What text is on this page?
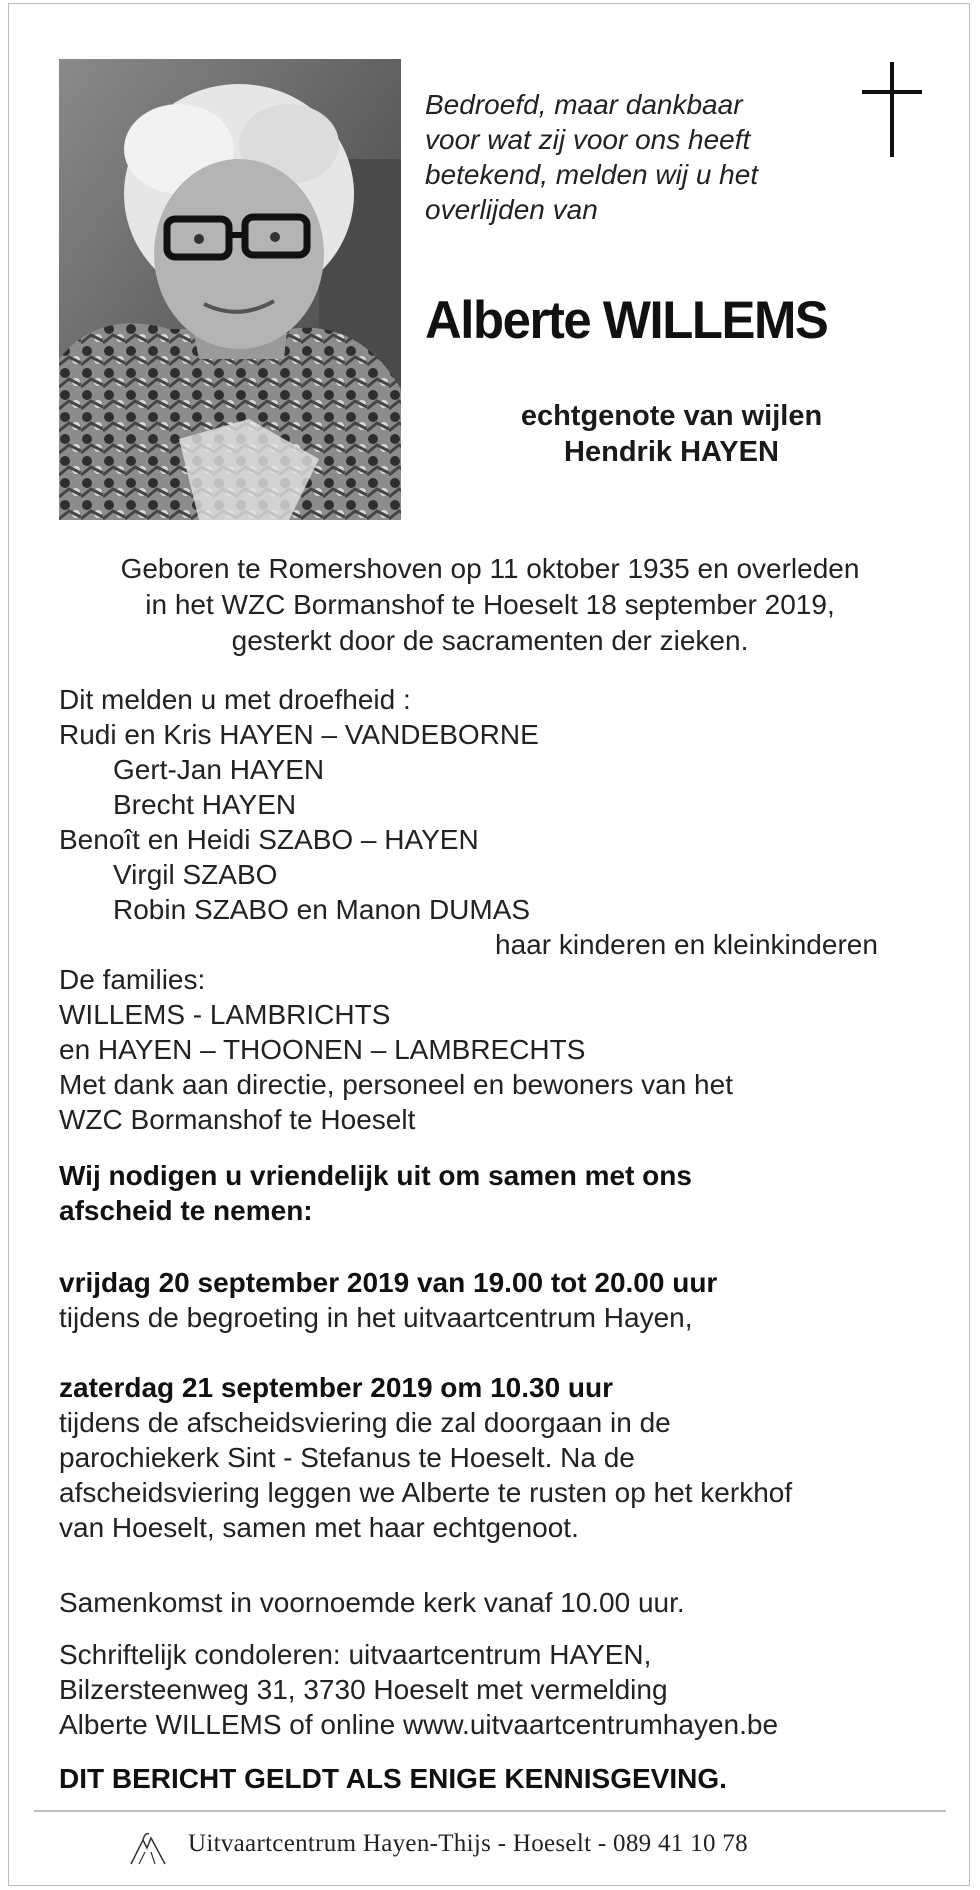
Bedroefd, maar dankbaar
voor wat zij voor ons heeft
betekend, melden wij u het
overlijden van
Alberte WILLEMS
echtgenote van wijlen
Hendrik HAYEN
Geboren te Romershoven op 11 oktober 1935 en overleden
in het WZC Bormanshof te Hoeselt 18 september 2019,
gesterkt door de sacramenten der zieken.
Dit melden u met droefheid :
Rudi en Kris HAYEN – VANDEBORNE
Gert-Jan HAYEN
Brecht HAYEN
Benoît en Heidi SZABO – HAYEN
Virgil SZABO
Robin SZABO en Manon DUMAS
haar kinderen en kleinkinderen
De families:
WILLEMS - LAMBRICHTS
en HAYEN – THOONEN – LAMBRECHTS
Met dank aan directie, personeel en bewoners van het
WZC Bormanshof te Hoeselt
Wij nodigen u vriendelijk uit om samen met ons
afscheid te nemen:
vrijdag 20 september 2019 van 19.00 tot 20.00 uur
tijdens de begroeting in het uitvaartcentrum Hayen,
zaterdag 21 september 2019 om 10.30 uur
tijdens de afscheidsviering die zal doorgaan in de
parochiekerk Sint - Stefanus te Hoeselt. Na de
afscheidsviering leggen we Alberte te rusten op het kerkhof
van Hoeselt, samen met haar echtgenoot.
Samenkomst in voornoemde kerk vanaf 10.00 uur.
Schriftelijk condoleren: uitvaartcentrum HAYEN,
Bilzersteenweg 31, 3730 Hoeselt met vermelding
Alberte WILLEMS of online www.uitvaartcentrumhayen.be
DIT BERICHT GELDT ALS ENIGE KENNISGEVING.
Uitvaartcentrum Hayen-Thijs - Hoeselt - 089 41 10 78
